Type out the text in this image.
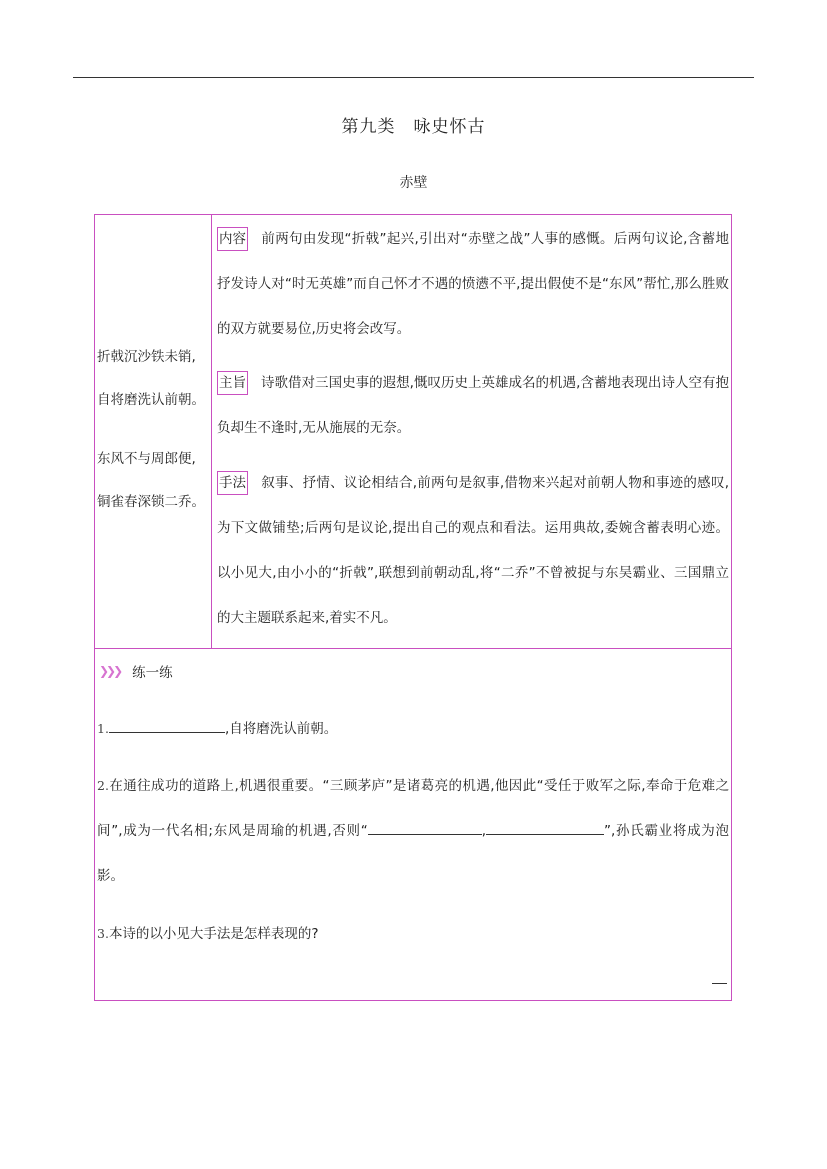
第九类 咏史怀古
赤壁
折戟沉沙铁未销,
自将磨洗认前朝。
东风不与周郎便,
铜雀春深锁二乔。
内容 前两句由发现“折戟”起兴,引出对“赤壁之战”人事的感慨。后两句议论,含蓄地抒发诗人对“时无英雄”而自己怀才不遇的愤懑不平,提出假使不是“东风”帮忙,那么胜败的双方就要易位,历史将会改写。
主旨 诗歌借对三国史事的遐想,慨叹历史上英雄成名的机遇,含蓄地表现出诗人空有抱负却生不逢时,无从施展的无奈。
手法 叙事、抒情、议论相结合,前两句是叙事,借物来兴起对前朝人物和事迹的感叹,为下文做铺垫;后两句是议论,提出自己的观点和看法。运用典故,委婉含蓄表明心迹。以小见大,由小小的“折戟”,联想到前朝动乱,将“二乔”不曾被捉与东吴霸业、三国鼎立的大主题联系起来,着实不凡。
❯❯❯ 练一练
1.	,自将磨洗认前朝。
2.在通往成功的道路上,机遇很重要。“三顾茅庐”是诸葛亮的机遇,他因此“受任于败军之际,奉命于危难之间”,成为一代名相;东风是周瑜的机遇,否则“	,	”,孙氏霸业将成为泡影。
3.本诗的以小见大手法是怎样表现的?
